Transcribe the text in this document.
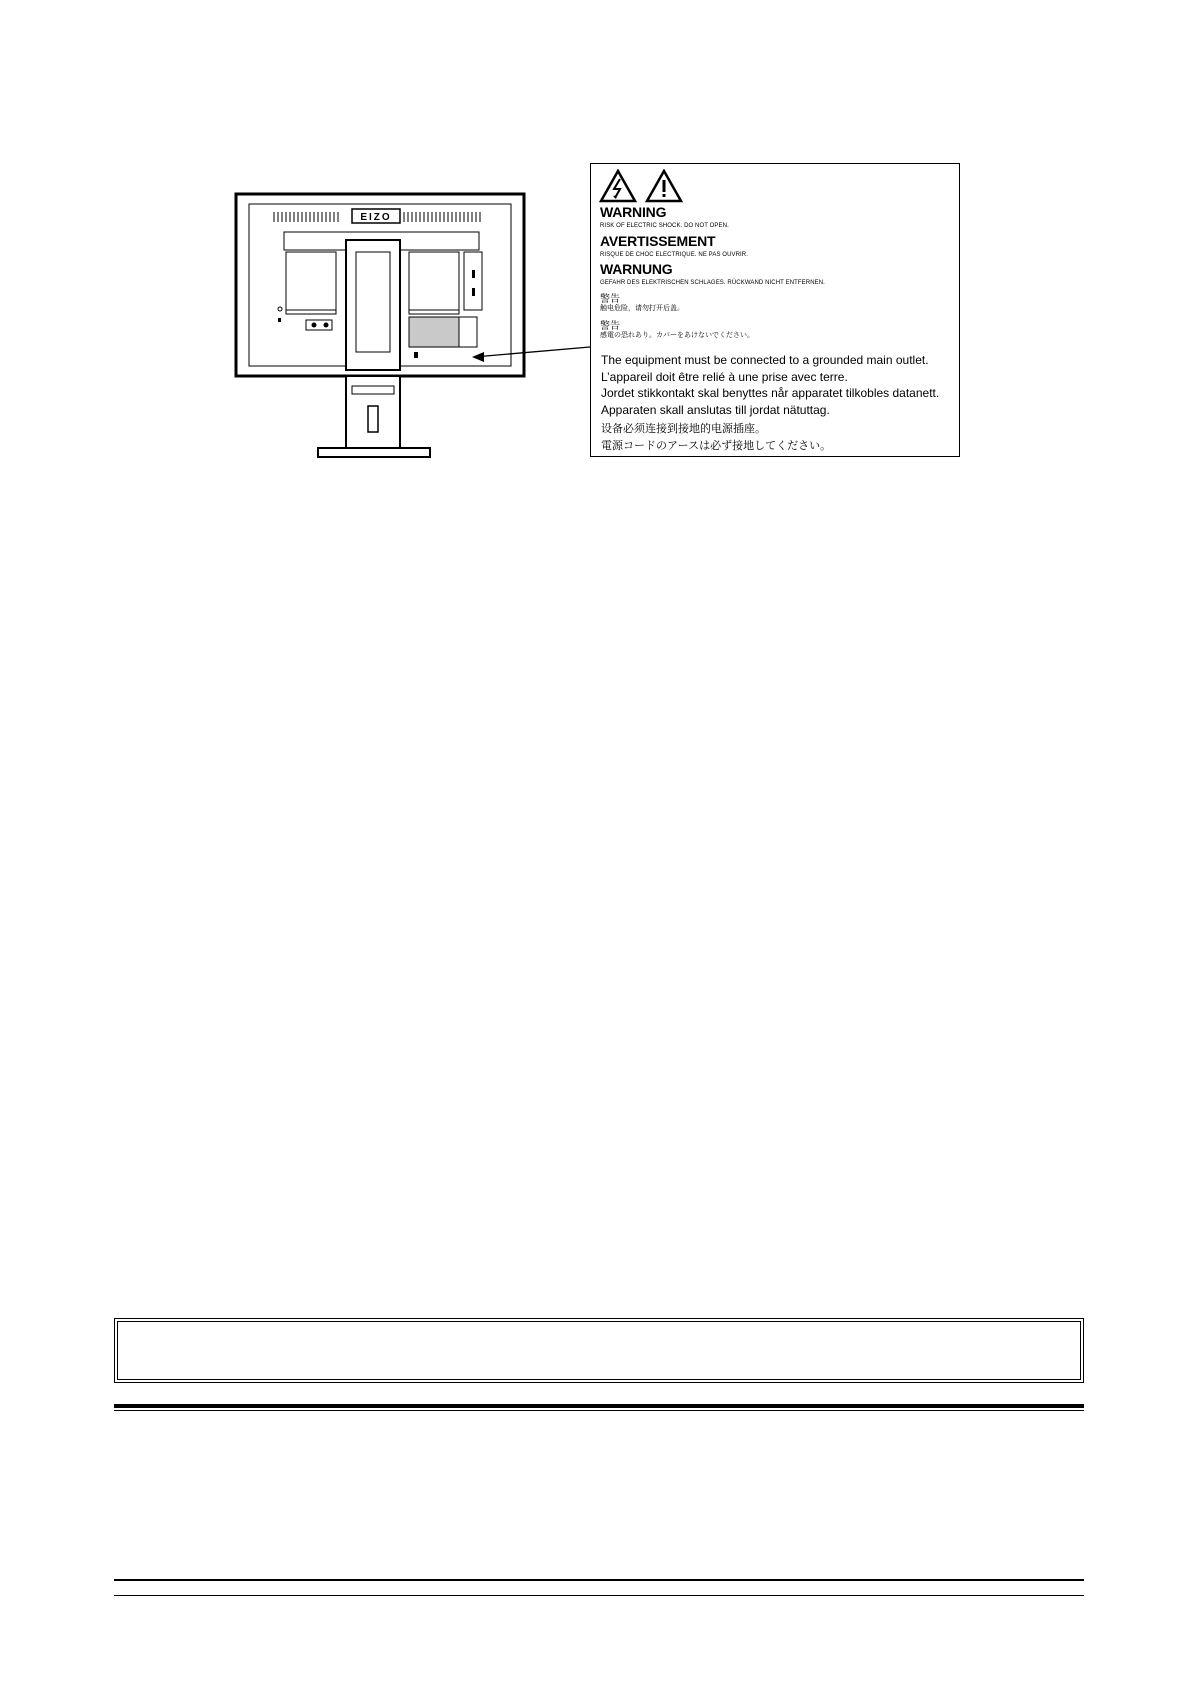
EIZO
	WARNING
RISK OF ELECTRIC SHOCK. DO NOT OPEN.
AVERTISSEMENT
RISQUE DE CHOC ELECTRIQUE. NE PAS OUVRIR.
WARNUNG
GEFAHR DES ELEKTRISCHEN SCHLAGES. RÜCKWAND NICHT ENTFERNEN.
警告
触电危险，请勿打开后盖。
警告
感電の恐れあり。カバーをあけないでください。
The equipment must be connected to a grounded main outlet.
L’appareil doit être relié à une prise avec terre.
Jordet stikkontakt skal benyttes når apparatet tilkobles datanett.
Apparaten skall anslutas till jordat nätuttag.
设备必须连接到接地的电源插座。
電源コードのアースは必ず接地してください。
